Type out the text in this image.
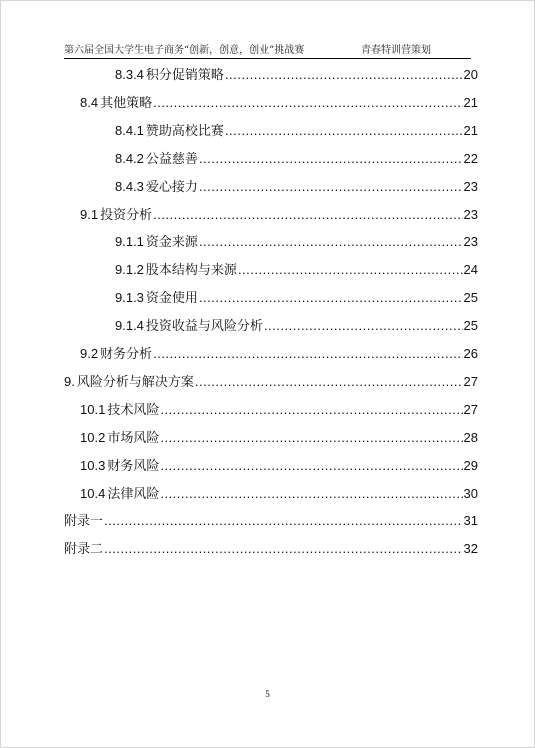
第六届全国大学生电子商务“创新，创意，创业”挑战赛	青春特训营策划
8.3.4 积分促销策略 .....	20
8.4 其他策略 .....	21
8.4.1 赞助高校比赛 .....	21
8.4.2 公益慈善 .....	22
8.4.3 爱心接力 .....	23
9.1 投资分析 .....	23
9.1.1 资金来源 .....	23
9.1.2 股本结构与来源 .....	24
9.1.3 资金使用 .....	25
9.1.4 投资收益与风险分析 .....	25
9.2 财务分析 .....	26
9. 风险分析与解决方案 .....	27
10.1 技术风险 .....	27
10.2 市场风险 .....	28
10.3 财务风险 .....	29
10.4 法律风险 .....	30
附录一 .....	31
附录二 .....	32
5
